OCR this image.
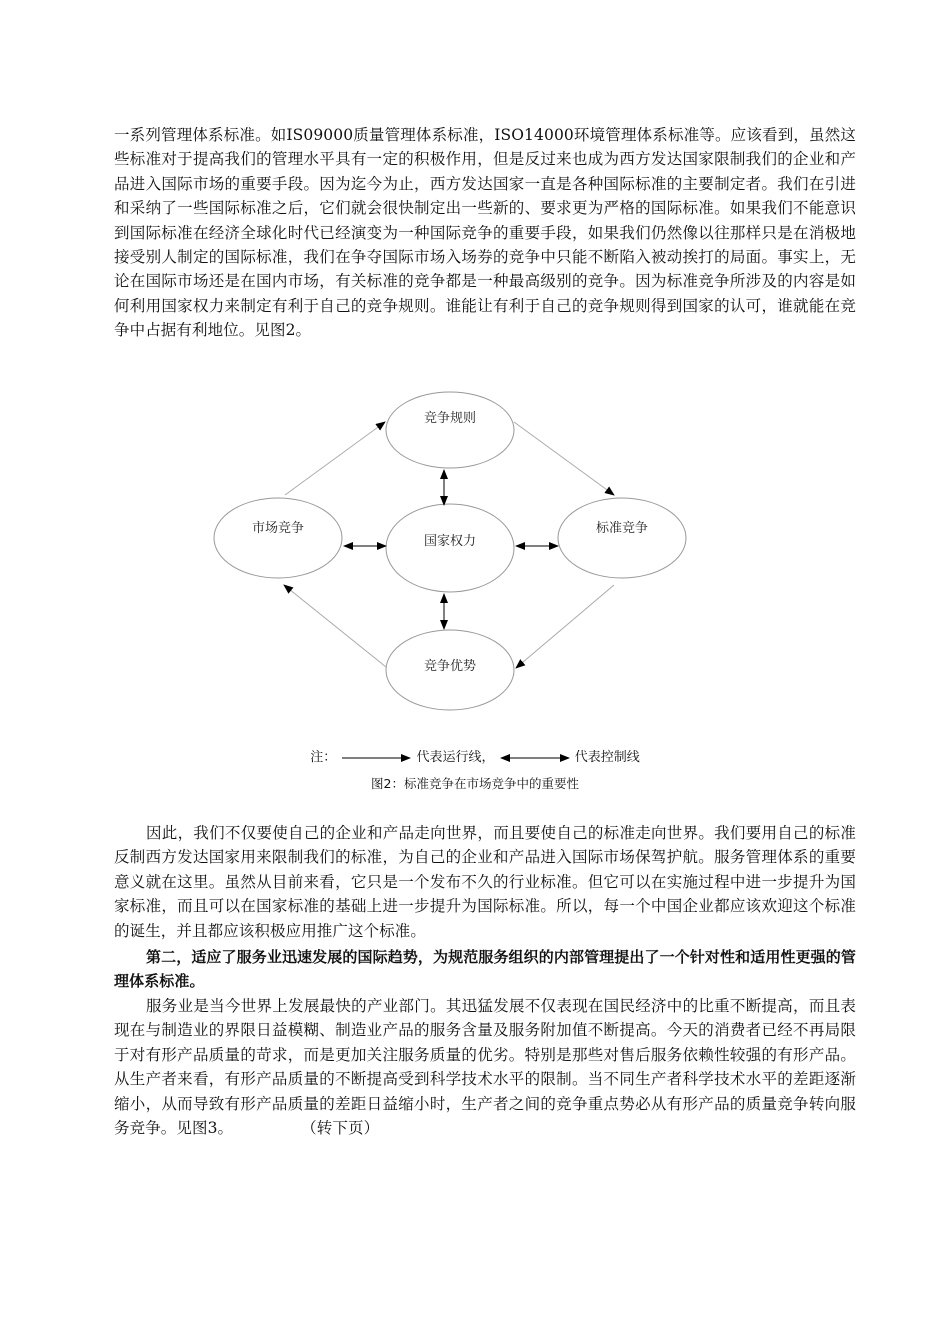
一系列管理体系标准。如IS09000质量管理体系标准，ISO14000环境管理体系标准等。应该看到，虽然这些标准对于提高我们的管理水平具有一定的积极作用，但是反过来也成为西方发达国家限制我们的企业和产品进入国际市场的重要手段。因为迄今为止，西方发达国家一直是各种国际标准的主要制定者。我们在引进和采纳了一些国际标准之后，它们就会很快制定出一些新的、要求更为严格的国际标准。如果我们不能意识到国际标准在经济全球化时代已经演变为一种国际竞争的重要手段，如果我们仍然像以往那样只是在消极地接受别人制定的国际标准，我们在争夺国际市场入场券的竞争中只能不断陷入被动挨打的局面。事实上，无论在国际市场还是在国内市场，有关标准的竞争都是一种最高级别的竞争。因为标准竞争所涉及的内容是如何利用国家权力来制定有利于自己的竞争规则。谁能让有利于自己的竞争规则得到国家的认可，谁就能在竞争中占据有利地位。见图2。
竞争规则
市场竞争
国家权力
标准竞争
竞争优势
注：	代表运行线，	代表控制线
图2：标准竞争在市场竞争中的重要性
因此，我们不仅要使自己的企业和产品走向世界，而且要使自己的标准走向世界。我们要用自己的标准反制西方发达国家用来限制我们的标准，为自己的企业和产品进入国际市场保驾护航。服务管理体系的重要意义就在这里。虽然从目前来看，它只是一个发布不久的行业标准。但它可以在实施过程中进一步提升为国家标准，而且可以在国家标准的基础上进一步提升为国际标准。所以，每一个中国企业都应该欢迎这个标准的诞生，并且都应该积极应用推广这个标准。
第二，适应了服务业迅速发展的国际趋势，为规范服务组织的内部管理提出了一个针对性和适用性更强的管理体系标准。
服务业是当今世界上发展最快的产业部门。其迅猛发展不仅表现在国民经济中的比重不断提高，而且表现在与制造业的界限日益模糊、制造业产品的服务含量及服务附加值不断提高。今天的消费者已经不再局限于对有形产品质量的苛求，而是更加关注服务质量的优劣。特别是那些对售后服务依赖性较强的有形产品。从生产者来看，有形产品质量的不断提高受到科学技术水平的限制。当不同生产者科学技术水平的差距逐渐缩小，从而导致有形产品质量的差距日益缩小时，生产者之间的竞争重点势必从有形产品的质量竞争转向服务竞争。见图3。	（转下页）
